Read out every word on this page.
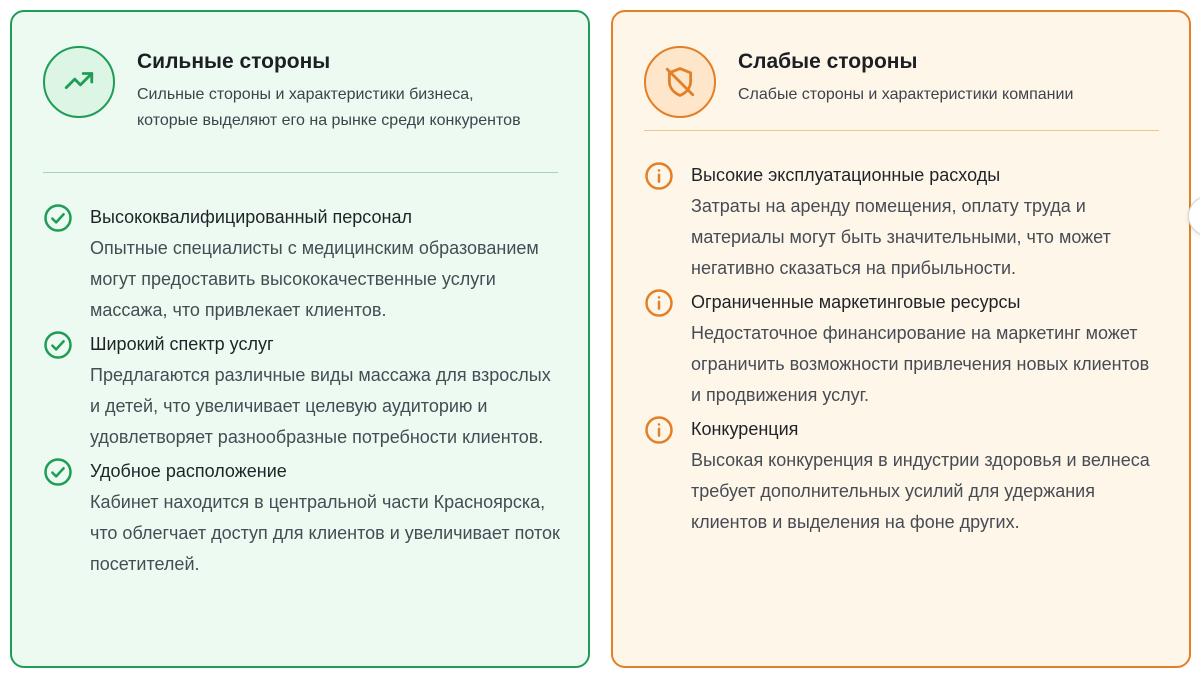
Сильные стороны
Сильные стороны и характеристики бизнеса, которые выделяют его на рынке среди конкурентов
Высококвалифицированный персонал
Опытные специалисты с медицинским образованием могут предоставить высококачественные услуги массажа, что привлекает клиентов.
Широкий спектр услуг
Предлагаются различные виды массажа для взрослых и детей, что увеличивает целевую аудиторию и удовлетворяет разнообразные потребности клиентов.
Удобное расположение
Кабинет находится в центральной части Красноярска, что облегчает доступ для клиентов и увеличивает поток посетителей.
Слабые стороны
Слабые стороны и характеристики компании
Высокие эксплуатационные расходы
Затраты на аренду помещения, оплату труда и материалы могут быть значительными, что может негативно сказаться на прибыльности.
Ограниченные маркетинговые ресурсы
Недостаточное финансирование на маркетинг может ограничить возможности привлечения новых клиентов и продвижения услуг.
Конкуренция
Высокая конкуренция в индустрии здоровья и велнеса требует дополнительных усилий для удержания клиентов и выделения на фоне других.
